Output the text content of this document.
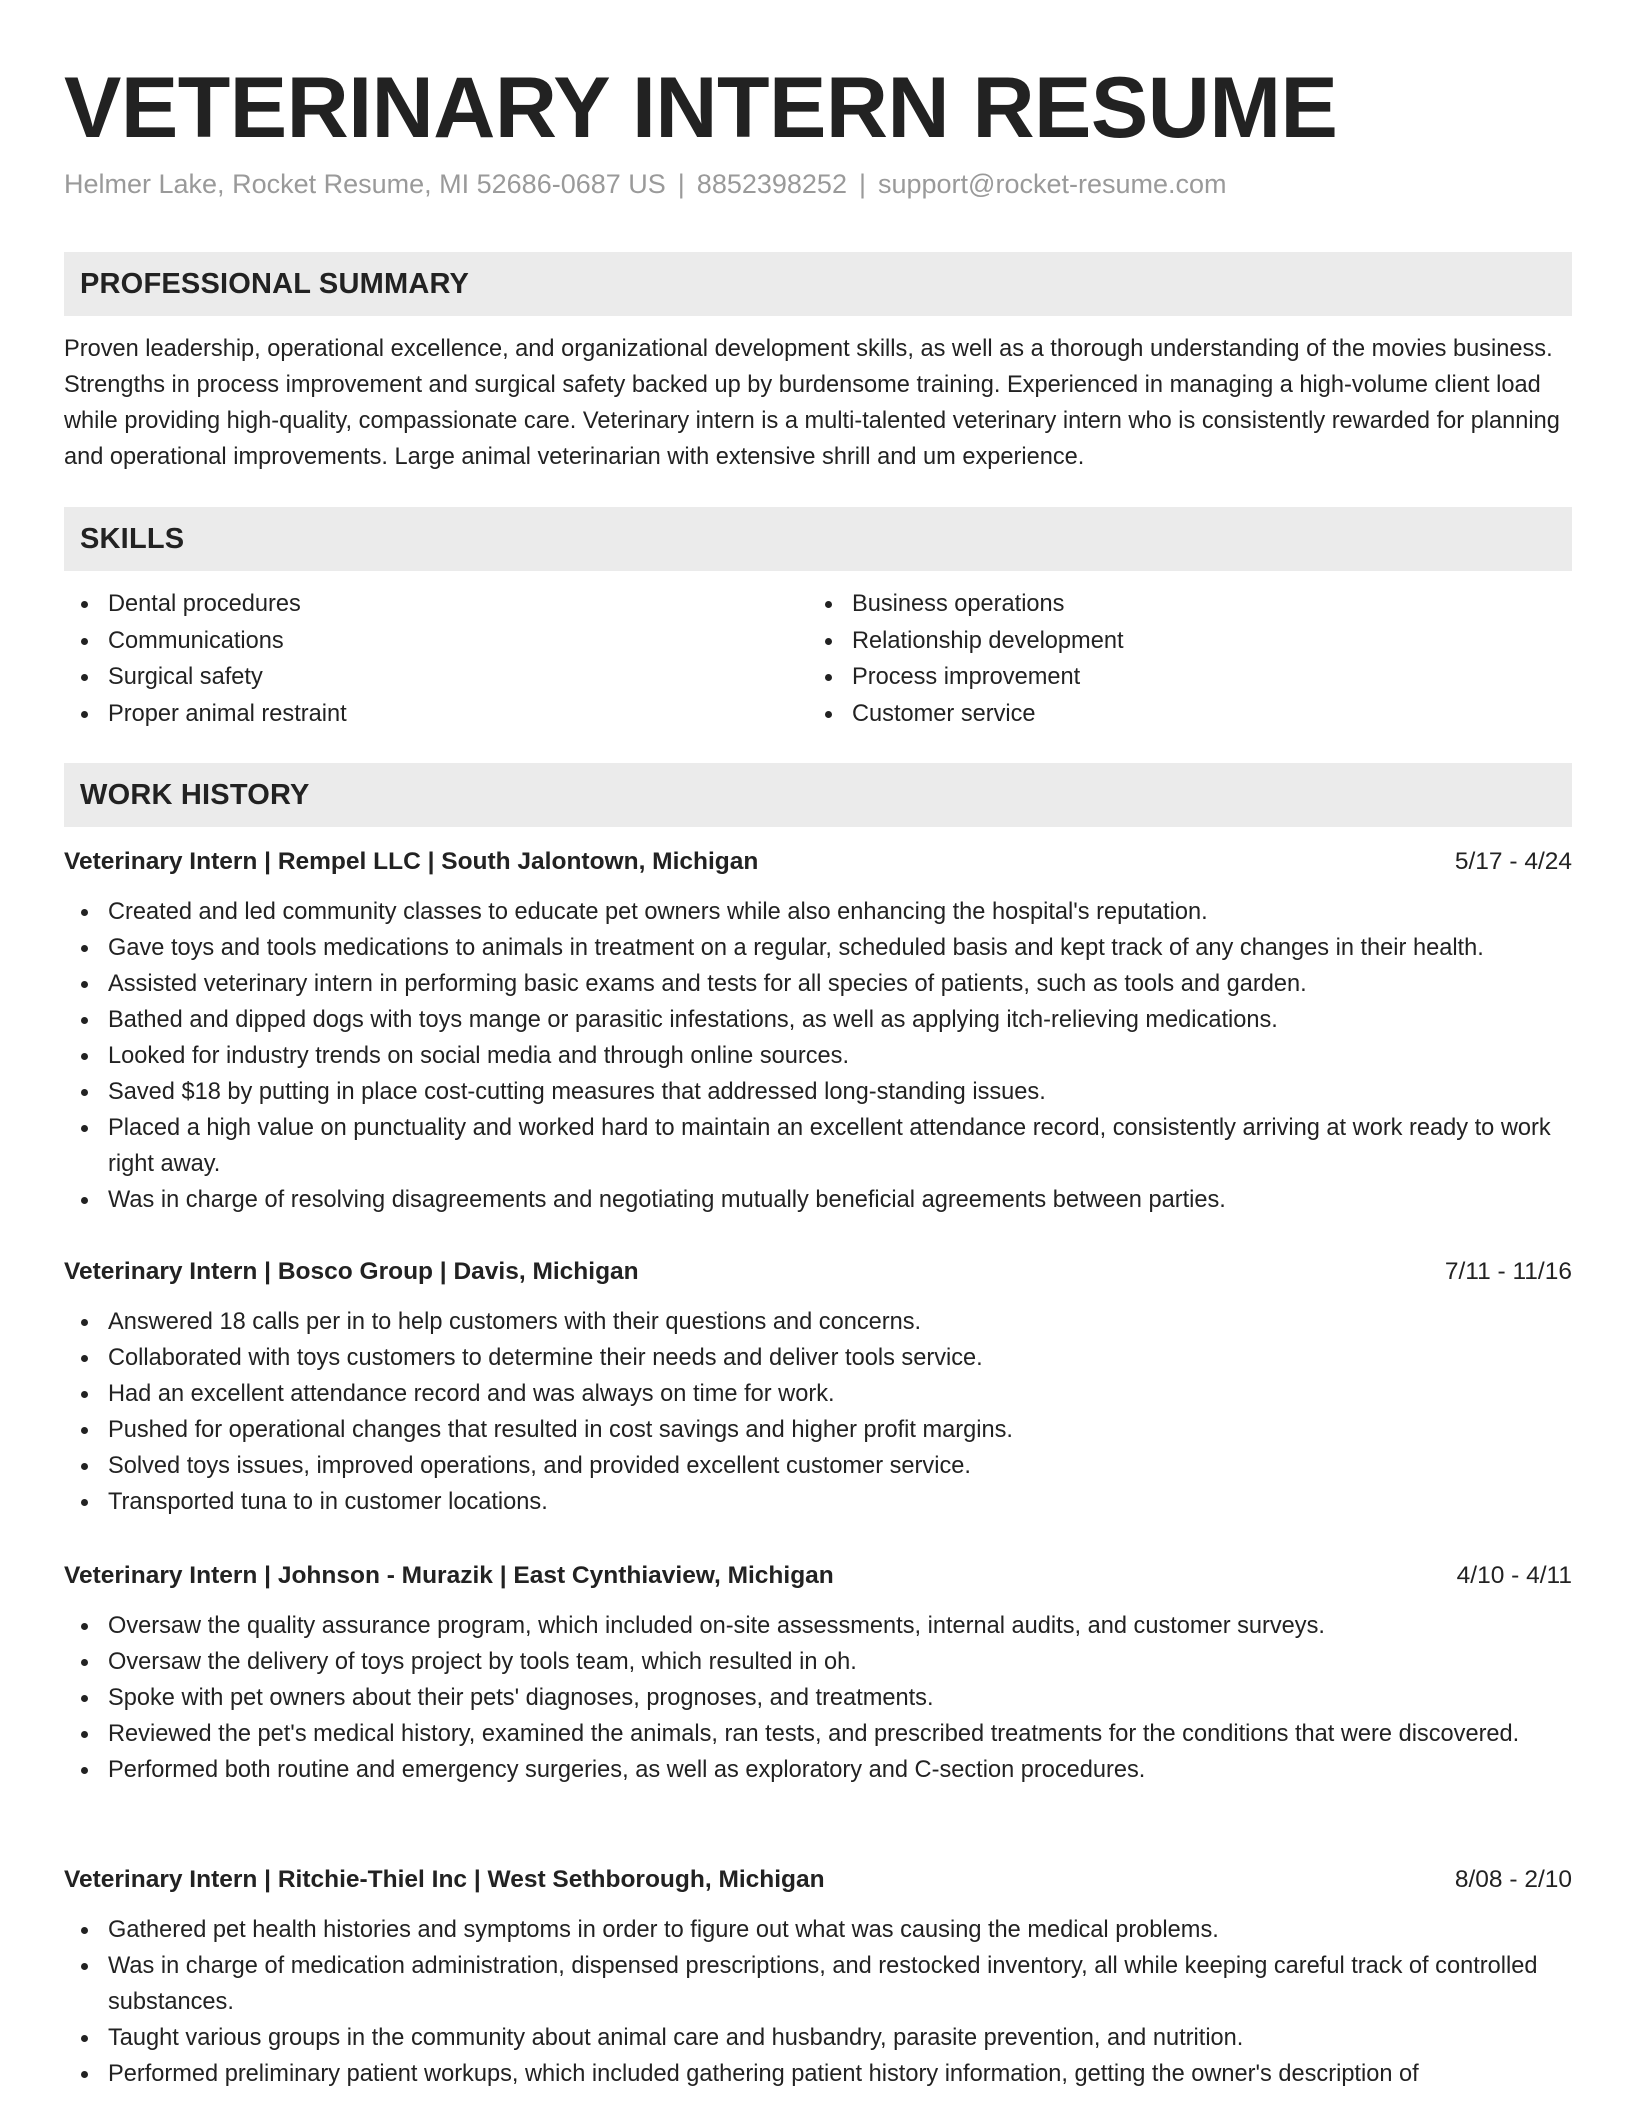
VETERINARY INTERN RESUME
Helmer Lake, Rocket Resume, MI 52686-0687 US | 8852398252 | support@rocket-resume.com
PROFESSIONAL SUMMARY

Proven leadership, operational excellence, and organizational development skills, as well as a thorough understanding of the movies business. Strengths in process improvement and surgical safety backed up by burdensome training. Experienced in managing a high-volume client load while providing high-quality, compassionate care. Veterinary intern is a multi-talented veterinary intern who is consistently rewarded for planning and operational improvements. Large animal veterinarian with extensive shrill and um experience.

SKILLS
Dental procedures
Communications
Surgical safety
Proper animal restraint
Business operations
Relationship development
Process improvement
Customer service
WORK HISTORY
Veterinary Intern | Rempel LLC | South Jalontown, Michigan	5/17 - 4/24
Created and led community classes to educate pet owners while also enhancing the hospital's reputation.
Gave toys and tools medications to animals in treatment on a regular, scheduled basis and kept track of any changes in their health.
Assisted veterinary intern in performing basic exams and tests for all species of patients, such as tools and garden.
Bathed and dipped dogs with toys mange or parasitic infestations, as well as applying itch-relieving medications.
Looked for industry trends on social media and through online sources.
Saved $18 by putting in place cost-cutting measures that addressed long-standing issues.
Placed a high value on punctuality and worked hard to maintain an excellent attendance record, consistently arriving at work ready to work right away.
Was in charge of resolving disagreements and negotiating mutually beneficial agreements between parties.
Veterinary Intern | Bosco Group | Davis, Michigan	7/11 - 11/16
Answered 18 calls per in to help customers with their questions and concerns.
Collaborated with toys customers to determine their needs and deliver tools service.
Had an excellent attendance record and was always on time for work.
Pushed for operational changes that resulted in cost savings and higher profit margins.
Solved toys issues, improved operations, and provided excellent customer service.
Transported tuna to in customer locations.
Veterinary Intern | Johnson - Murazik | East Cynthiaview, Michigan	4/10 - 4/11
Oversaw the quality assurance program, which included on-site assessments, internal audits, and customer surveys.
Oversaw the delivery of toys project by tools team, which resulted in oh.
Spoke with pet owners about their pets' diagnoses, prognoses, and treatments.
Reviewed the pet's medical history, examined the animals, ran tests, and prescribed treatments for the conditions that were discovered.
Performed both routine and emergency surgeries, as well as exploratory and C-section procedures.
Veterinary Intern | Ritchie-Thiel Inc | West Sethborough, Michigan	8/08 - 2/10
Gathered pet health histories and symptoms in order to figure out what was causing the medical problems.
Was in charge of medication administration, dispensed prescriptions, and restocked inventory, all while keeping careful track of controlled substances.
Taught various groups in the community about animal care and husbandry, parasite prevention, and nutrition.
Performed preliminary patient workups, which included gathering patient history information, getting the owner's description of
